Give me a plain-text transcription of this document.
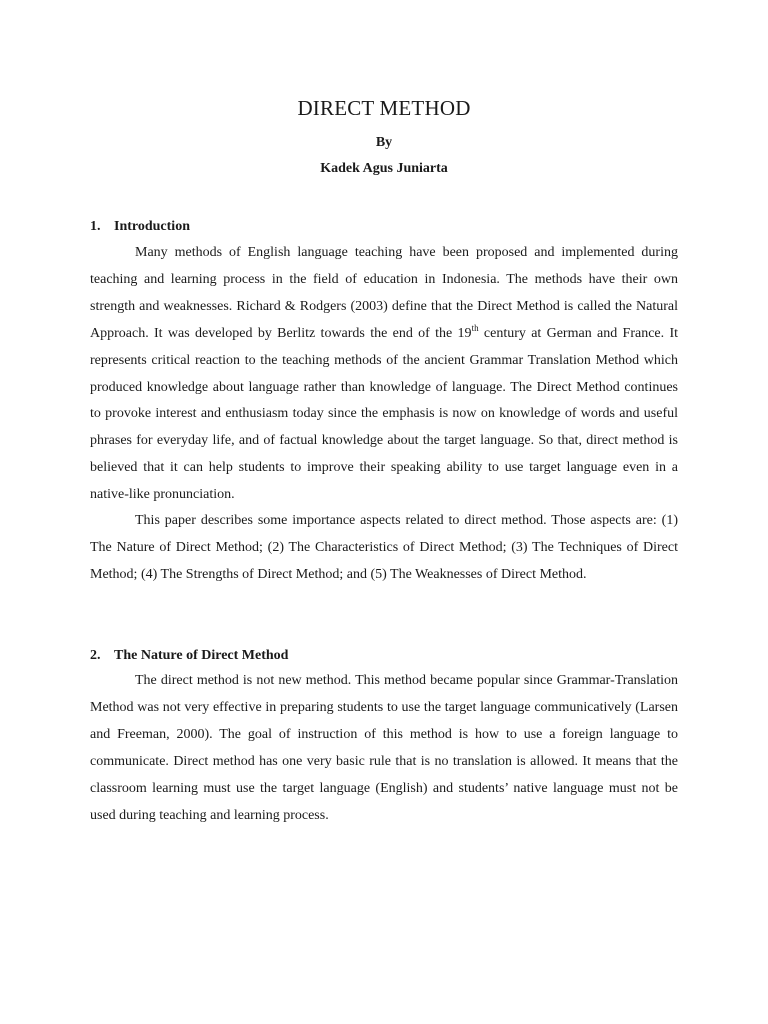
DIRECT METHOD
By
Kadek Agus Juniarta
1. Introduction

Many methods of English language teaching have been proposed and implemented during teaching and learning process in the field of education in Indonesia. The methods have their own strength and weaknesses. Richard & Rodgers (2003) define that the Direct Method is called the Natural Approach. It was developed by Berlitz towards the end of the 19th century at German and France. It represents critical reaction to the teaching methods of the ancient Grammar Translation Method which produced knowledge about language rather than knowledge of language. The Direct Method continues to provoke interest and enthusiasm today since the emphasis is now on knowledge of words and useful phrases for everyday life, and of factual knowledge about the target language. So that, direct method is believed that it can help students to improve their speaking ability to use target language even in a native-like pronunciation.

This paper describes some importance aspects related to direct method. Those aspects are: (1) The Nature of Direct Method; (2) The Characteristics of Direct Method; (3) The Techniques of Direct Method; (4) The Strengths of Direct Method; and (5) The Weaknesses of Direct Method.

2. The Nature of Direct Method

The direct method is not new method. This method became popular since Grammar-Translation Method was not very effective in preparing students to use the target language communicatively (Larsen and Freeman, 2000). The goal of instruction of this method is how to use a foreign language to communicate. Direct method has one very basic rule that is no translation is allowed. It means that the classroom learning must use the target language (English) and students’ native language must not be used during teaching and learning process.
